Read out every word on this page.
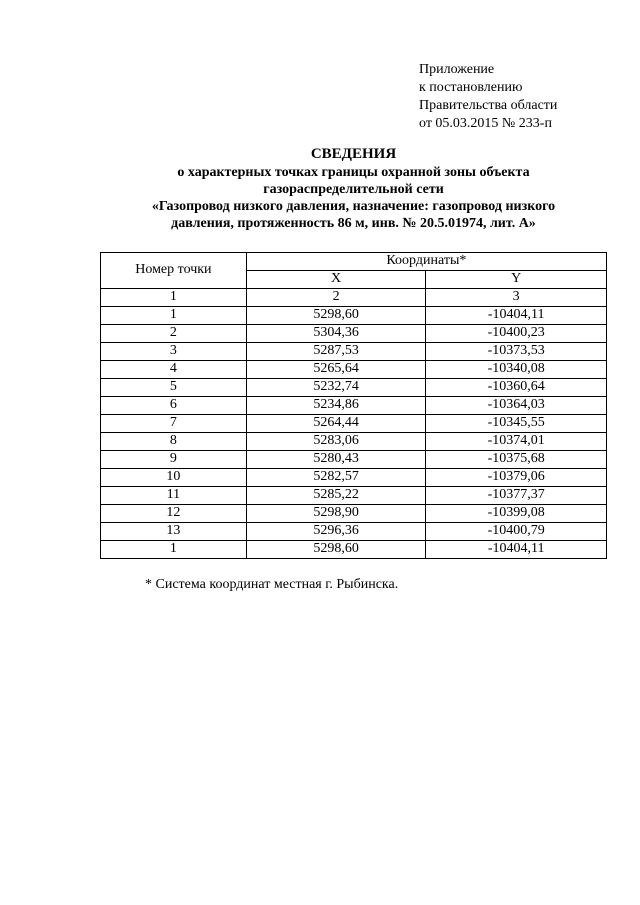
Приложение
к постановлению
Правительства области
от 05.03.2015 № 233-п
СВЕДЕНИЯ
о характерных точках границы охранной зоны объекта
газораспределительной сети
«Газопровод низкого давления, назначение: газопровод низкого
давления, протяженность 86 м, инв. № 20.5.01974, лит. А»
Номер точки	Координаты*	
	X	Y
1	2	3
1	5298,60	-10404,11
2	5304,36	-10400,23
3	5287,53	-10373,53
4	5265,64	-10340,08
5	5232,74	-10360,64
6	5234,86	-10364,03
7	5264,44	-10345,55
8	5283,06	-10374,01
9	5280,43	-10375,68
10	5282,57	-10379,06
11	5285,22	-10377,37
12	5298,90	-10399,08
13	5296,36	-10400,79
1	5298,60	-10404,11
* Система координат местная г. Рыбинска.
